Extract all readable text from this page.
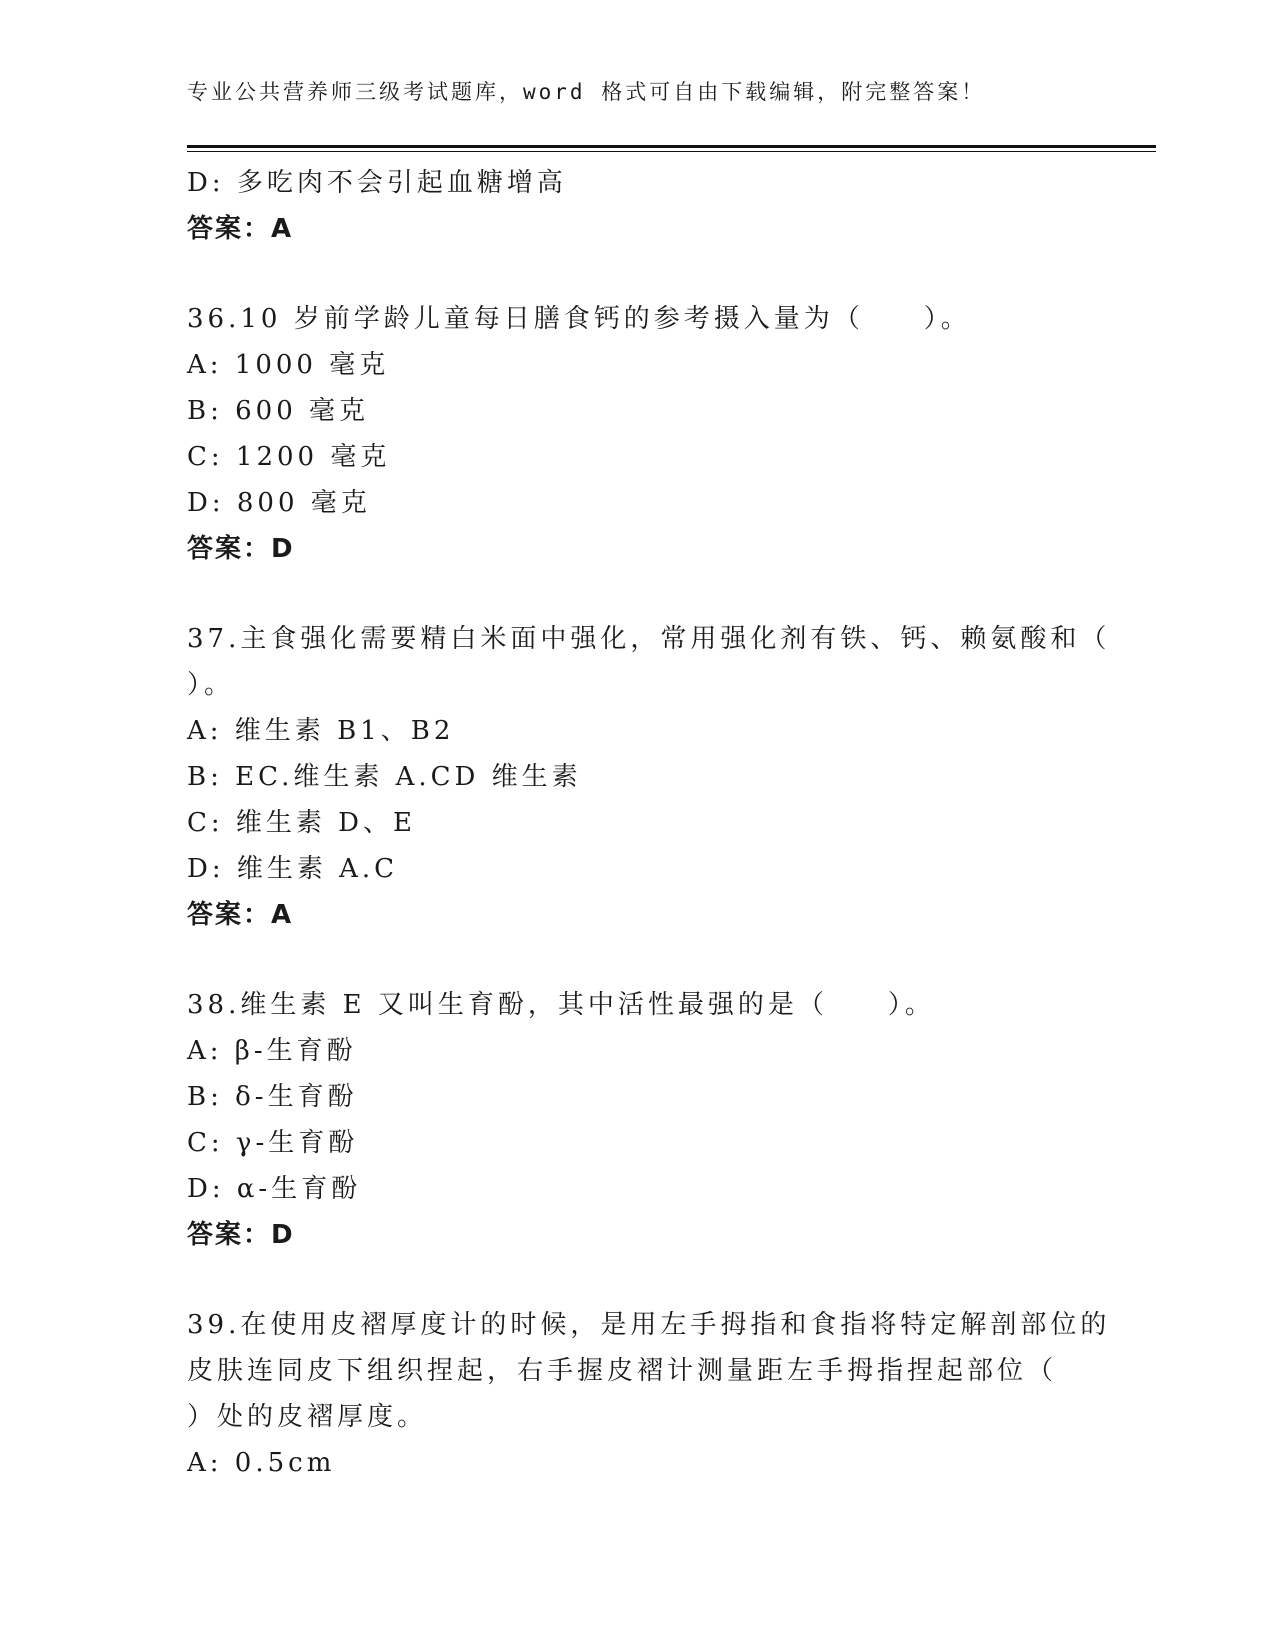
专业公共营养师三级考试题库，word 格式可自由下载编辑，附完整答案！
D: 多吃肉不会引起血糖增高
答案：A
36.10 岁前学龄儿童每日膳食钙的参考摄入量为（　　）。
A: 1000 毫克
B: 600 毫克
C: 1200 毫克
D: 800 毫克
答案：D
37.主食强化需要精白米面中强化，常用强化剂有铁、钙、赖氨酸和（
）。
A: 维生素 B1、B2
B: EC.维生素 A.CD 维生素
C: 维生素 D、E
D: 维生素 A.C
答案：A
38.维生素 E 又叫生育酚，其中活性最强的是（　　）。
A: β-生育酚
B: δ-生育酚
C: γ-生育酚
D: α-生育酚
答案：D
39.在使用皮褶厚度计的时候，是用左手拇指和食指将特定解剖部位的
皮肤连同皮下组织捏起，右手握皮褶计测量距左手拇指捏起部位（
）处的皮褶厚度。
A: 0.5cm
